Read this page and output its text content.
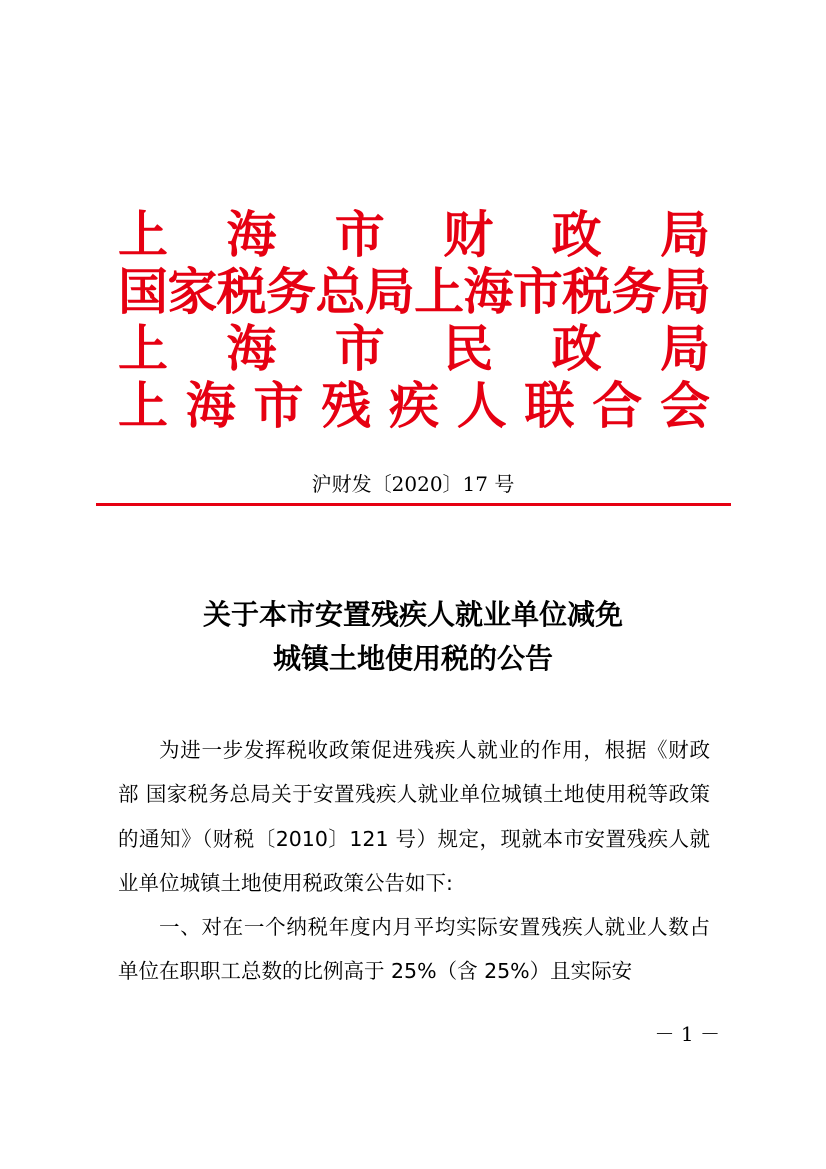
上 海 市 财 政 局
国家税务总局上海市税务局
上 海 市 民 政 局
上 海 市 残 疾 人 联 合 会
沪财发〔2020〕17 号
关于本市安置残疾人就业单位减免
城镇土地使用税的公告

为进一步发挥税收政策促进残疾人就业的作用，根据《财政部 国家税务总局关于安置残疾人就业单位城镇土地使用税等政策的通知》（财税〔2010〕121 号）规定，现就本市安置残疾人就业单位城镇土地使用税政策公告如下:

一、对在一个纳税年度内月平均实际安置残疾人就业人数占单位在职职工总数的比例高于 25%（含 25%）且实际安

－ 1 －
